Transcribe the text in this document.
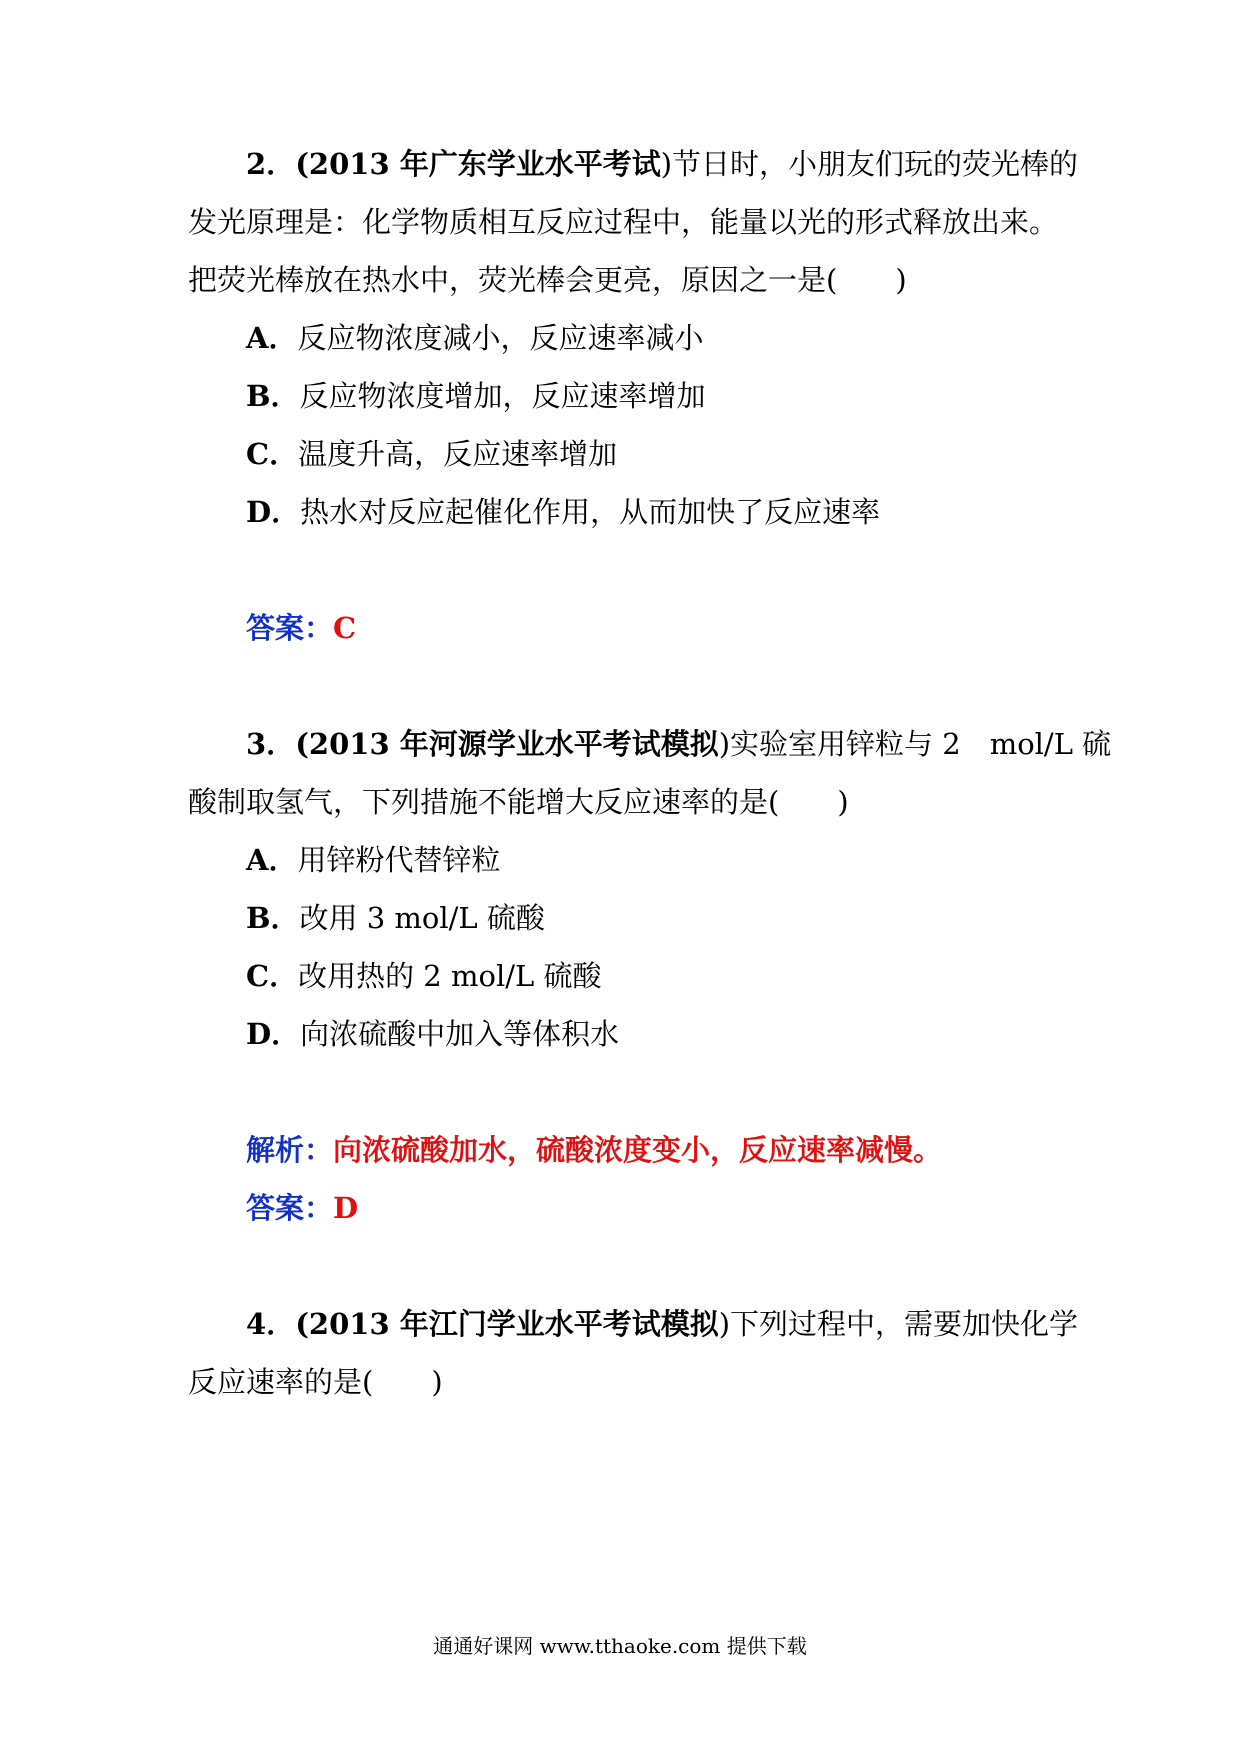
2．(2013 年广东学业水平考试)节日时，小朋友们玩的荧光棒的
发光原理是：化学物质相互反应过程中，能量以光的形式释放出来。
把荧光棒放在热水中，荧光棒会更亮，原因之一是(　　)
A．反应物浓度减小，反应速率减小
B．反应物浓度增加，反应速率增加
C．温度升高，反应速率增加
D．热水对反应起催化作用，从而加快了反应速率
答案：C
3．(2013 年河源学业水平考试模拟)实验室用锌粒与 2　mol/L 硫
酸制取氢气，下列措施不能增大反应速率的是(　　)
A．用锌粉代替锌粒
B．改用 3 mol/L 硫酸
C．改用热的 2 mol/L 硫酸
D．向浓硫酸中加入等体积水
解析：向浓硫酸加水，硫酸浓度变小，反应速率减慢。
答案：D
4．(2013 年江门学业水平考试模拟)下列过程中，需要加快化学
反应速率的是(　　)
通通好课网 www.tthaoke.com 提供下载
